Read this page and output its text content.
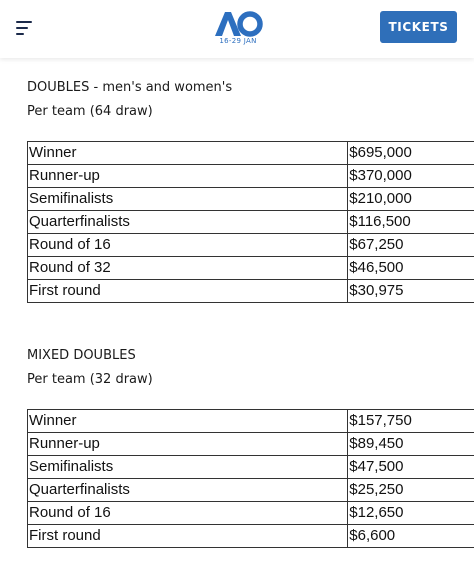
16-29 JAN
TICKETS
DOUBLES - men's and women's
Per team (64 draw)
Winner	$695,000
Runner-up	$370,000
Semifinalists	$210,000
Quarterfinalists	$116,500
Round of 16	$67,250
Round of 32	$46,500
First round	$30,975
MIXED DOUBLES
Per team (32 draw)
Winner	$157,750
Runner-up	$89,450
Semifinalists	$47,500
Quarterfinalists	$25,250
Round of 16	$12,650
First round	$6,600
